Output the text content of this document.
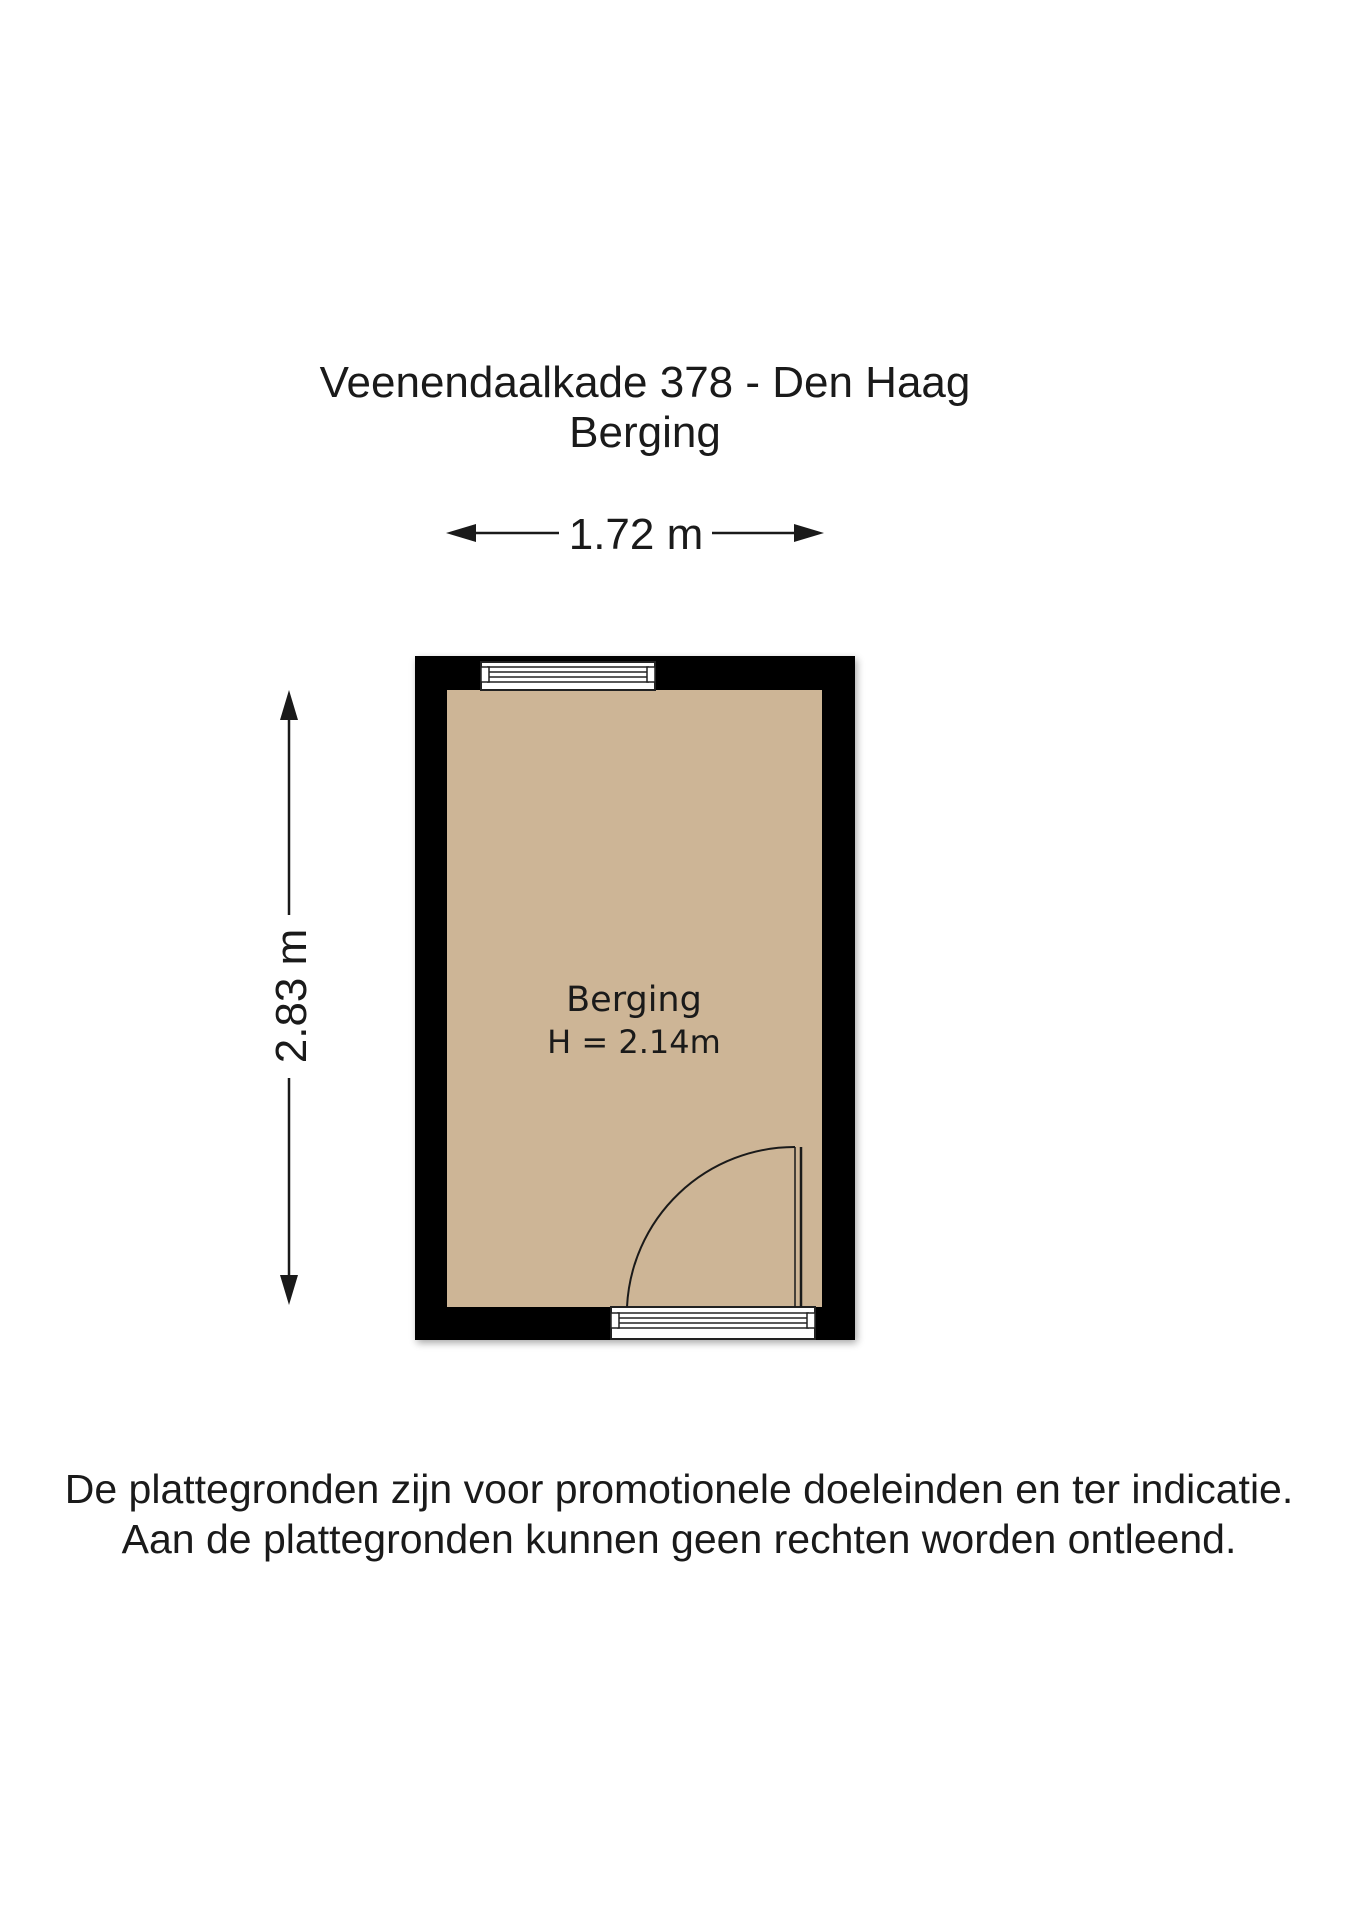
Veenendaalkade 378 - Den Haag
Berging
1.72 m
2.83 m	Berging
H = 2.14m
De plattegronden zijn voor promotionele doeleinden en ter indicatie.
Aan de plattegronden kunnen geen rechten worden ontleend.
